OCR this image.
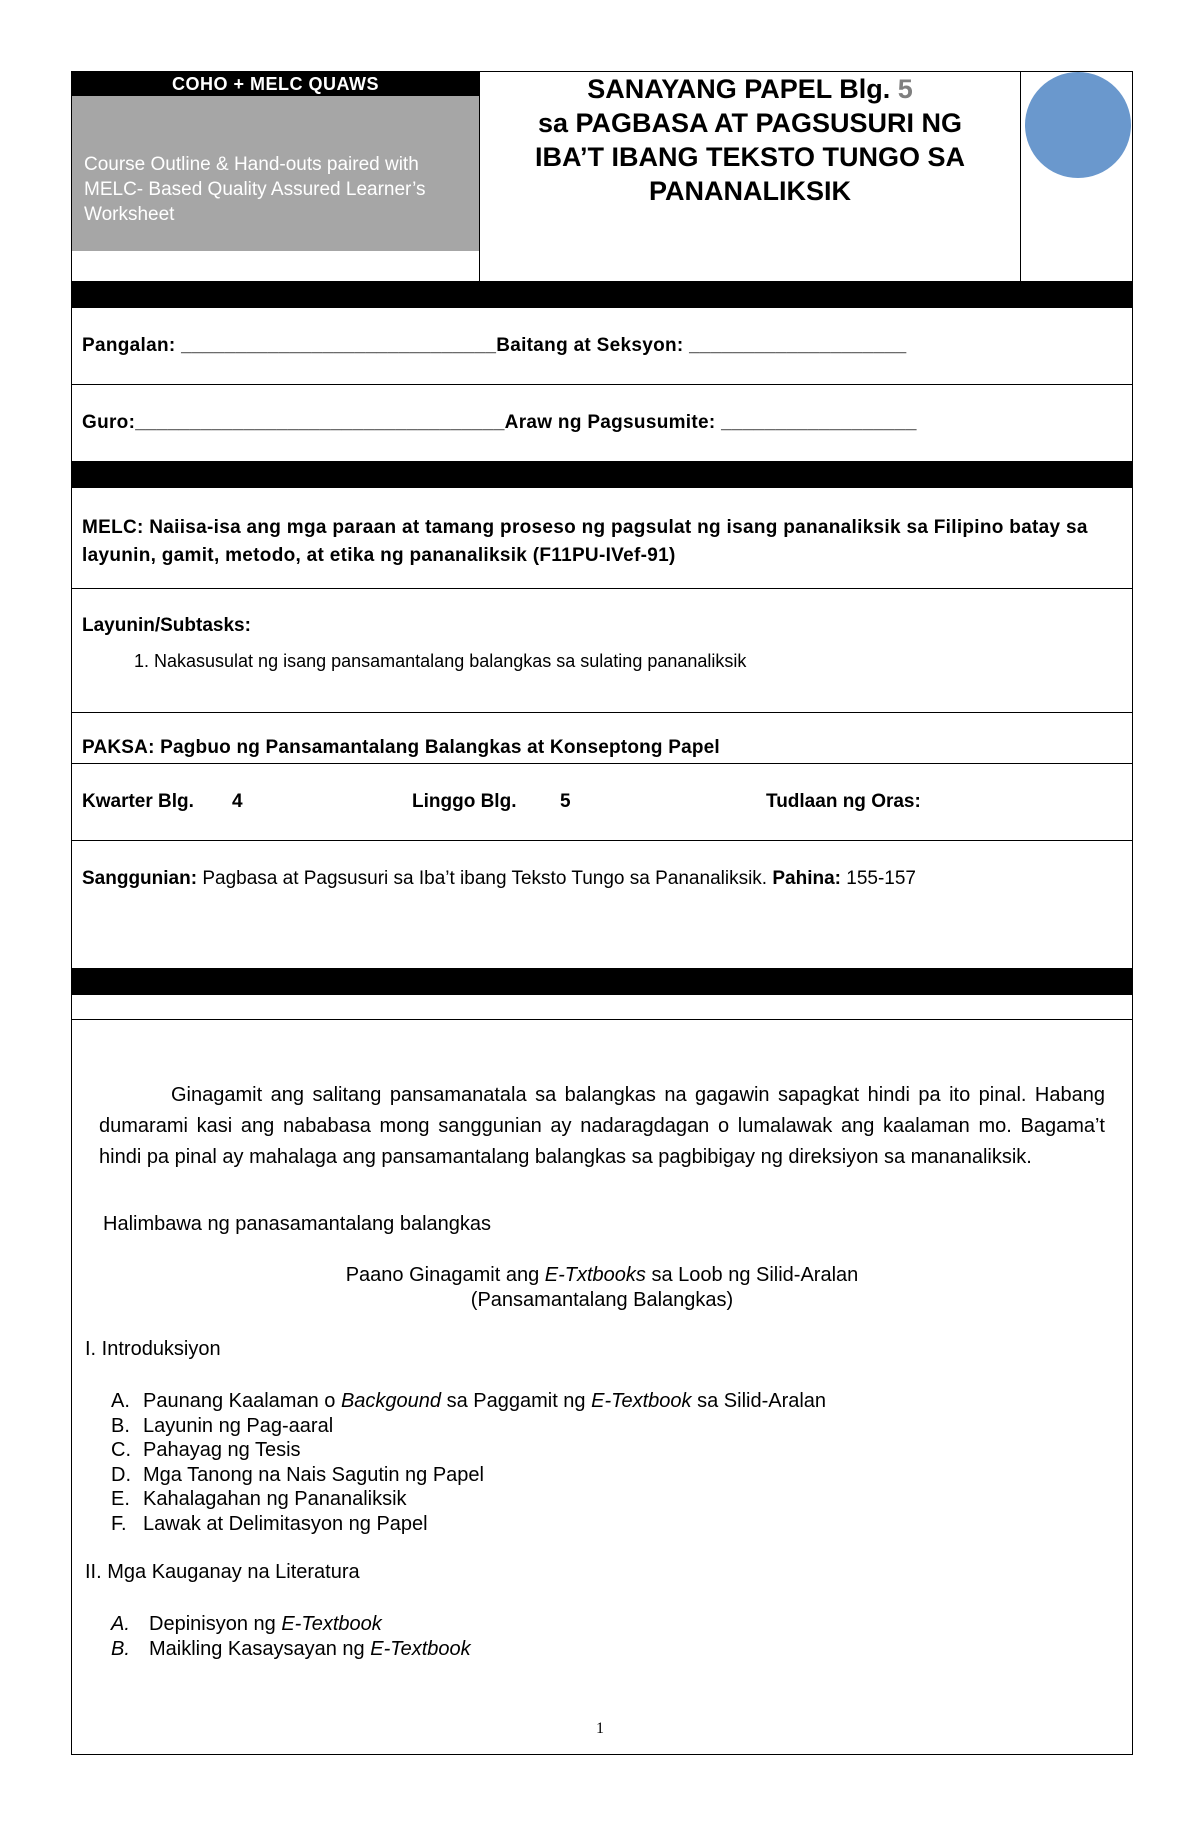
COHO + MELC QUAWS
Course Outline & Hand-outs paired with MELC- Based Quality Assured Learner’s Worksheet

SANAYANG PAPEL Blg. 5
sa PAGBASA AT PAGSUSURI NG IBA’T IBANG TEKSTO TUNGO SA PANANALIKSIK

Pangalan: _____________________________Baitang at Seksyon: ____________________

Guro:__________________________________Araw ng Pagsusumite: __________________

MELC: Naiisa-isa ang mga paraan at tamang proseso ng pagsulat ng isang pananaliksik sa Filipino batay sa layunin, gamit, metodo, at etika ng pananaliksik (F11PU-IVef-91)

Layunin/Subtasks:
1. Nakasusulat ng isang pansamantalang balangkas sa sulating pananaliksik

PAKSA: Pagbuo ng Pansamantalang Balangkas at Konseptong Papel

Kwarter Blg. 4	Linggo Blg. 5	Tudlaan ng Oras:

Sanggunian: Pagbasa at Pagsusuri sa Iba’t ibang Teksto Tungo sa Pananaliksik. Pahina: 155-157

Ginagamit ang salitang pansamanatala sa balangkas na gagawin sapagkat hindi pa ito pinal. Habang dumarami kasi ang nababasa mong sanggunian ay nadaragdagan o lumalawak ang kaalaman mo. Bagama’t hindi pa pinal ay mahalaga ang pansamantalang balangkas sa pagbibigay ng direksiyon sa mananaliksik.

Halimbawa ng panasamantalang balangkas
Paano Ginagamit ang E-Txtbooks sa Loob ng Silid-Aralan
(Pansamantalang Balangkas)
I. Introduksiyon
A. Paunang Kaalaman o Backgound sa Paggamit ng E-Textbook sa Silid-Aralan
B. Layunin ng Pag-aaral
C. Pahayag ng Tesis
D. Mga Tanong na Nais Sagutin ng Papel
E. Kahalagahan ng Pananaliksik
F. Lawak at Delimitasyon ng Papel
II. Mga Kauganay na Literatura
A. Depinisyon ng E-Textbook
B. Maikling Kasaysayan ng E-Textbook
1
